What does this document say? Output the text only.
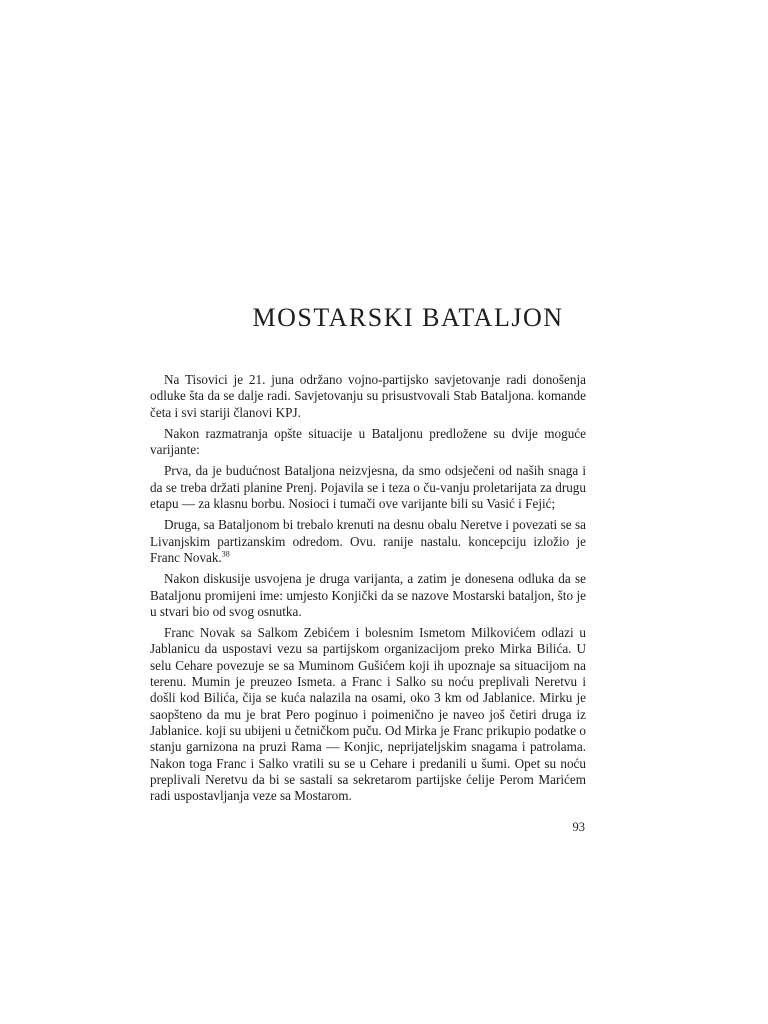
MOSTARSKI BATALJON

Na Tisovici je 21. juna održano vojno-partijsko savjetovanje radi donošenja odluke šta da se dalje radi. Savjetovanju su prisustvovali Stab Bataljona. komande četa i svi stariji članovi KPJ.

Nakon razmatranja opšte situacije u Bataljonu predložene su dvije moguće varijante:

Prva, da je budućnost Bataljona neizvjesna, da smo odsječeni od naših snaga i da se treba držati planine Prenj. Pojavila se i teza o ču-vanju proletarijata za drugu etapu — za klasnu borbu. Nosioci i tumači ove varijante bili su Vasić i Fejić;

Druga, sa Bataljonom bi trebalo krenuti na desnu obalu Neretve i povezati se sa Livanjskim partizanskim odredom. Ovu. ranije nastalu. koncepciju izložio je Franc Novak.$^{38}$

Nakon diskusije usvojena je druga varijanta, a zatim je donesena odluka da se Bataljonu promijeni ime: umjesto Konjički da se nazove Mostarski bataljon, što je u stvari bio od svog osnutka.

Franc Novak sa Salkom Zebićem i bolesnim Ismetom Milkovićem odlazi u Jablanicu da uspostavi vezu sa partijskom organizacijom preko Mirka Bilića. U selu Cehare povezuje se sa Muminom Gušićem koji ih upoznaje sa situacijom na terenu. Mumin je preuzeo Ismeta. a Franc i Salko su noću preplivali Neretvu i došli kod Bilića, čija se kuća nalazila na osami, oko 3 km od Jablanice. Mirku je saopšteno da mu je brat Pero poginuo i poimenično je naveo još četiri druga iz Jablanice. koji su ubijeni u četničkom puču. Od Mirka je Franc prikupio podatke o stanju garnizona na pruzi Rama — Konjic, neprijateljskim snagama i patrolama. Nakon toga Franc i Salko vratili su se u Cehare i predanili u šumi. Opet su noću preplivali Neretvu da bi se sastali sa sekretarom partijske ćelije Perom Marićem radi uspostavljanja veze sa Mostarom.

93
